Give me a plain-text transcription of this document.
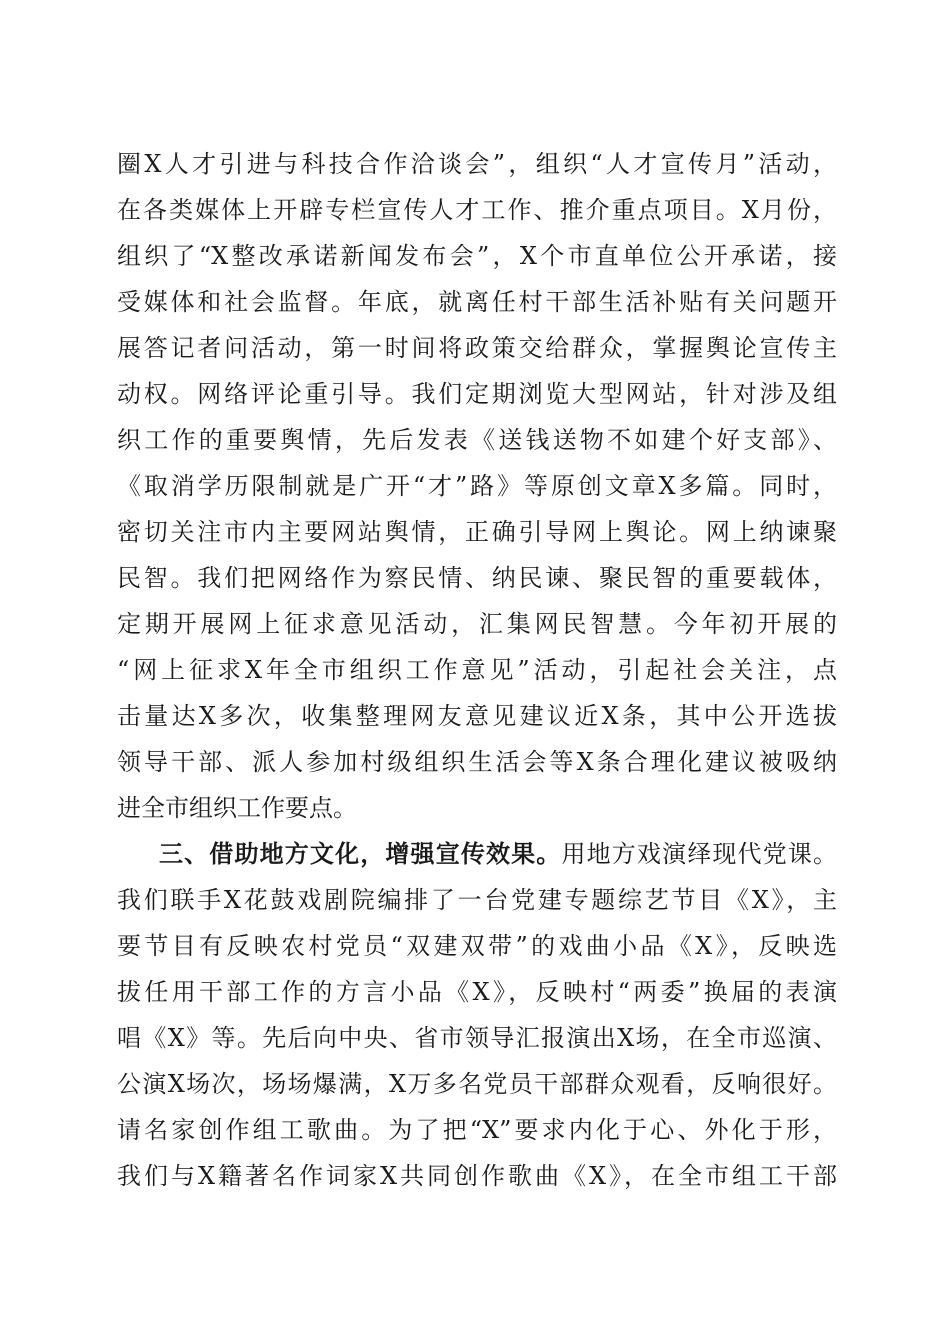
圈X人才引进与科技合作洽谈会”，组织“人才宣传月”活动，
在各类媒体上开辟专栏宣传人才工作、推介重点项目。X月份，
组织了“X整改承诺新闻发布会”，X个市直单位公开承诺，接
受媒体和社会监督。年底，就离任村干部生活补贴有关问题开
展答记者问活动，第一时间将政策交给群众，掌握舆论宣传主
动权。网络评论重引导。我们定期浏览大型网站，针对涉及组
织工作的重要舆情，先后发表《送钱送物不如建个好支部》、
《取消学历限制就是广开“才”路》等原创文章X多篇。同时，
密切关注市内主要网站舆情，正确引导网上舆论。网上纳谏聚
民智。我们把网络作为察民情、纳民谏、聚民智的重要载体，
定期开展网上征求意见活动，汇集网民智慧。今年初开展的
“网上征求X年全市组织工作意见”活动，引起社会关注，点
击量达X多次，收集整理网友意见建议近X条，其中公开选拔
领导干部、派人参加村级组织生活会等X条合理化建议被吸纳
进全市组织工作要点。
三、借助地方文化，增强宣传效果。用地方戏演绎现代党课。
我们联手X花鼓戏剧院编排了一台党建专题综艺节目《X》，主
要节目有反映农村党员“双建双带”的戏曲小品《X》，反映选
拔任用干部工作的方言小品《X》，反映村“两委”换届的表演
唱《X》等。先后向中央、省市领导汇报演出X场，在全市巡演、
公演X场次，场场爆满，X万多名党员干部群众观看，反响很好。
请名家创作组工歌曲。为了把“X”要求内化于心、外化于形，
我们与X籍著名作词家X共同创作歌曲《X》，在全市组工干部
